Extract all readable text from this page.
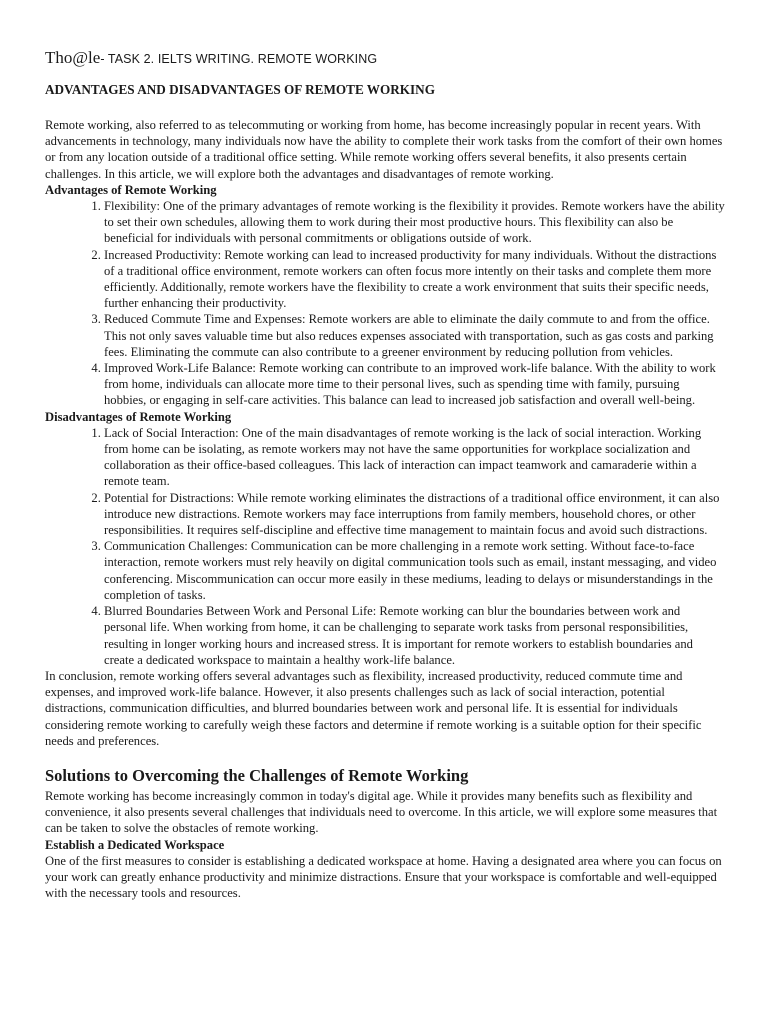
Tho@le- TASK 2. IELTS WRITING. REMOTE WORKING
ADVANTAGES AND DISADVANTAGES OF REMOTE WORKING

Remote working, also referred to as telecommuting or working from home, has become increasingly popular in recent years. With advancements in technology, many individuals now have the ability to complete their work tasks from the comfort of their own homes or from any location outside of a traditional office setting. While remote working offers several benefits, it also presents certain challenges. In this article, we will explore both the advantages and disadvantages of remote working.

Advantages of Remote Working
1. Flexibility: One of the primary advantages of remote working is the flexibility it provides. Remote workers have the ability to set their own schedules, allowing them to work during their most productive hours. This flexibility can also be beneficial for individuals with personal commitments or obligations outside of work.
2. Increased Productivity: Remote working can lead to increased productivity for many individuals. Without the distractions of a traditional office environment, remote workers can often focus more intently on their tasks and complete them more efficiently. Additionally, remote workers have the flexibility to create a work environment that suits their specific needs, further enhancing their productivity.
3. Reduced Commute Time and Expenses: Remote workers are able to eliminate the daily commute to and from the office. This not only saves valuable time but also reduces expenses associated with transportation, such as gas costs and parking fees. Eliminating the commute can also contribute to a greener environment by reducing pollution from vehicles.
4. Improved Work-Life Balance: Remote working can contribute to an improved work-life balance. With the ability to work from home, individuals can allocate more time to their personal lives, such as spending time with family, pursuing hobbies, or engaging in self-care activities. This balance can lead to increased job satisfaction and overall well-being.
Disadvantages of Remote Working
1. Lack of Social Interaction: One of the main disadvantages of remote working is the lack of social interaction. Working from home can be isolating, as remote workers may not have the same opportunities for workplace socialization and collaboration as their office-based colleagues. This lack of interaction can impact teamwork and camaraderie within a remote team.
2. Potential for Distractions: While remote working eliminates the distractions of a traditional office environment, it can also introduce new distractions. Remote workers may face interruptions from family members, household chores, or other responsibilities. It requires self-discipline and effective time management to maintain focus and avoid such distractions.
3. Communication Challenges: Communication can be more challenging in a remote work setting. Without face-to-face interaction, remote workers must rely heavily on digital communication tools such as email, instant messaging, and video conferencing. Miscommunication can occur more easily in these mediums, leading to delays or misunderstandings in the completion of tasks.
4. Blurred Boundaries Between Work and Personal Life: Remote working can blur the boundaries between work and personal life. When working from home, it can be challenging to separate work tasks from personal responsibilities, resulting in longer working hours and increased stress. It is important for remote workers to establish boundaries and create a dedicated workspace to maintain a healthy work-life balance.

In conclusion, remote working offers several advantages such as flexibility, increased productivity, reduced commute time and expenses, and improved work-life balance. However, it also presents challenges such as lack of social interaction, potential distractions, communication difficulties, and blurred boundaries between work and personal life. It is essential for individuals considering remote working to carefully weigh these factors and determine if remote working is a suitable option for their specific needs and preferences.

Solutions to Overcoming the Challenges of Remote Working

Remote working has become increasingly common in today's digital age. While it provides many benefits such as flexibility and convenience, it also presents several challenges that individuals need to overcome. In this article, we will explore some measures that can be taken to solve the obstacles of remote working.

Establish a Dedicated Workspace

One of the first measures to consider is establishing a dedicated workspace at home. Having a designated area where you can focus on your work can greatly enhance productivity and minimize distractions. Ensure that your workspace is comfortable and well-equipped with the necessary tools and resources.
